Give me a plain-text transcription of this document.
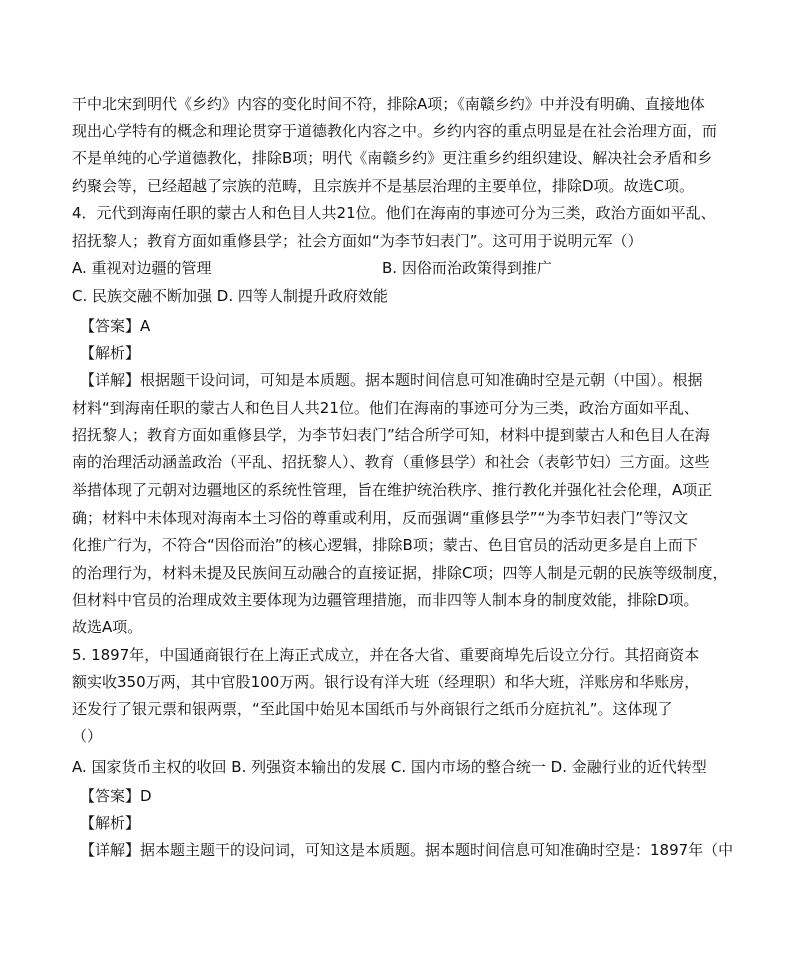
干中北宋到明代《乡约》内容的变化时间不符，排除A项；《南赣乡约》中并没有明确、直接地体
现出心学特有的概念和理论贯穿于道德教化内容之中。乡约内容的重点明显是在社会治理方面，而
不是单纯的心学道德教化，排除B项；明代《南赣乡约》更注重乡约组织建设、解决社会矛盾和乡
约聚会等，已经超越了宗族的范畴，且宗族并不是基层治理的主要单位，排除D项。故选C项。
4．元代到海南任职的蒙古人和色目人共21位。他们在海南的事迹可分为三类，政治方面如平乱、
招抚黎人；教育方面如重修县学；社会方面如“为李节妇表门”。这可用于说明元军（）
A. 重视对边疆的管理	B. 因俗而治政策得到推广
C. 民族交融不断加强 D. 四等人制提升政府效能
【答案】A
【解析】
【详解】根据题干设问词，可知是本质题。据本题时间信息可知准确时空是元朝（中国）。根据
材料“到海南任职的蒙古人和色目人共21位。他们在海南的事迹可分为三类，政治方面如平乱、
招抚黎人；教育方面如重修县学，为李节妇表门”结合所学可知，材料中提到蒙古人和色目人在海
南的治理活动涵盖政治（平乱、招抚黎人）、教育（重修县学）和社会（表彰节妇）三方面。这些
举措体现了元朝对边疆地区的系统性管理，旨在维护统治秩序、推行教化并强化社会伦理，A项正
确；材料中未体现对海南本土习俗的尊重或利用，反而强调“重修县学”“为李节妇表门”等汉文
化推广行为，不符合“因俗而治”的核心逻辑，排除B项；蒙古、色目官员的活动更多是自上而下
的治理行为，材料未提及民族间互动融合的直接证据，排除C项；四等人制是元朝的民族等级制度，
但材料中官员的治理成效主要体现为边疆管理措施，而非四等人制本身的制度效能，排除D项。
故选A项。
5. 1897年，中国通商银行在上海正式成立，并在各大省、重要商埠先后设立分行。其招商资本
额实收350万两，其中官股100万两。银行设有洋大班（经理职）和华大班，洋账房和华账房，
还发行了银元票和银两票，“至此国中始见本国纸币与外商银行之纸币分庭抗礼”。这体现了
（）
A. 国家货币主权的收回 B. 列强资本输出的发展 C. 国内市场的整合统一 D. 金融行业的近代转型
【答案】D
【解析】
【详解】据本题主题干的设问词，可知这是本质题。据本题时间信息可知准确时空是：1897年（中
